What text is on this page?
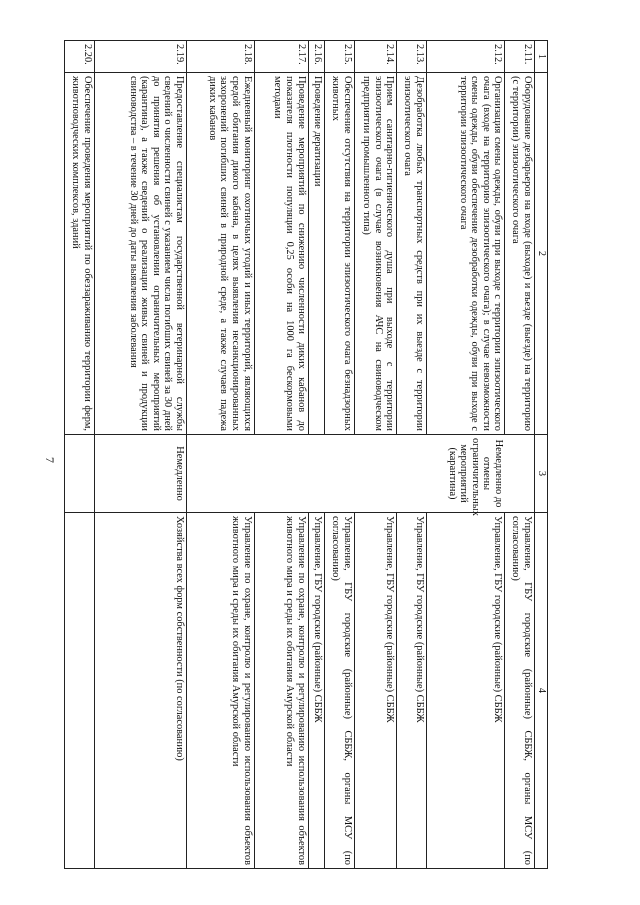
7
1	2	3	4
2.11.	Оборудование дезбарьеров на входе (выходе) и въезде (выезде) на территорию (с территории) эпизоотического очага		Управление, ГБУ городские (районные) СББЖ, органы МСУ (по согласованию)
2.12.	Организация смены одежды, обуви при выходе с территории эпизоотического очага (входе на территорию эпизоотического очага); в случае невозможности смены одежды, обуви обеспечение дезобработки одежды, обуви при выходе с территории эпизоотического очага	Немедленно до отмены ограничительных мероприятий (карантина)	Управление, ГБУ городские (районные) СББЖ
2.13.	Дезобработка любых транспортных средств при их выезде с территории эпизоотического очага		Управление, ГБУ городские (районные) СББЖ
2.14.	Прием санитарно-гигиенического душа при выходе с территории эпизоотического очага (в случае возникновения АЧС на свиноводческом предприятии промышленного типа)		Управление, ГБУ городские (районные) СББЖ
2.15.	Обеспечение отсутствия на территории эпизоотического очага безнадзорных животных		Управление, ГБУ городские (районные) СББЖ, органы МСУ (по согласованию)
2.16.	Проведение дератизации		Управление, ГБУ городские (районные) СББЖ
2.17.	Проведение мероприятий по снижению численности диких кабанов до показателя плотности популяции 0,25 особи на 1000 га бескормовыми методами		Управление по охране, контролю и регулированию использования объектов животного мира и среды их обитания Амурской области
2.18.	Ежедневный мониторинг охотничьих угодий и иных территорий, являющихся средой обитания дикого кабана, в целях выявления несанкционированных захоронений погибших свиней в природной среде, а также случаев падежа диких кабанов		Управление по охране, контролю и регулированию использования объектов животного мира и среды их обитания Амурской области
2.19.	Предоставление специалистам государственной ветеринарной службы сведений о численности свиней с указанием числа погибших свиней за 30 дней до принятия решения об установлении ограничительных мероприятий (карантина), а также сведений о реализации живых свиней и продукции свиноводства – в течение 30 дней до даты выявления заболевания	Немедленно	Хозяйства всех форм собственности (по согласованию)
2.20.	Обеспечение проведения мероприятий по обеззараживанию территории ферм, животноводческих комплексов, зданий		
